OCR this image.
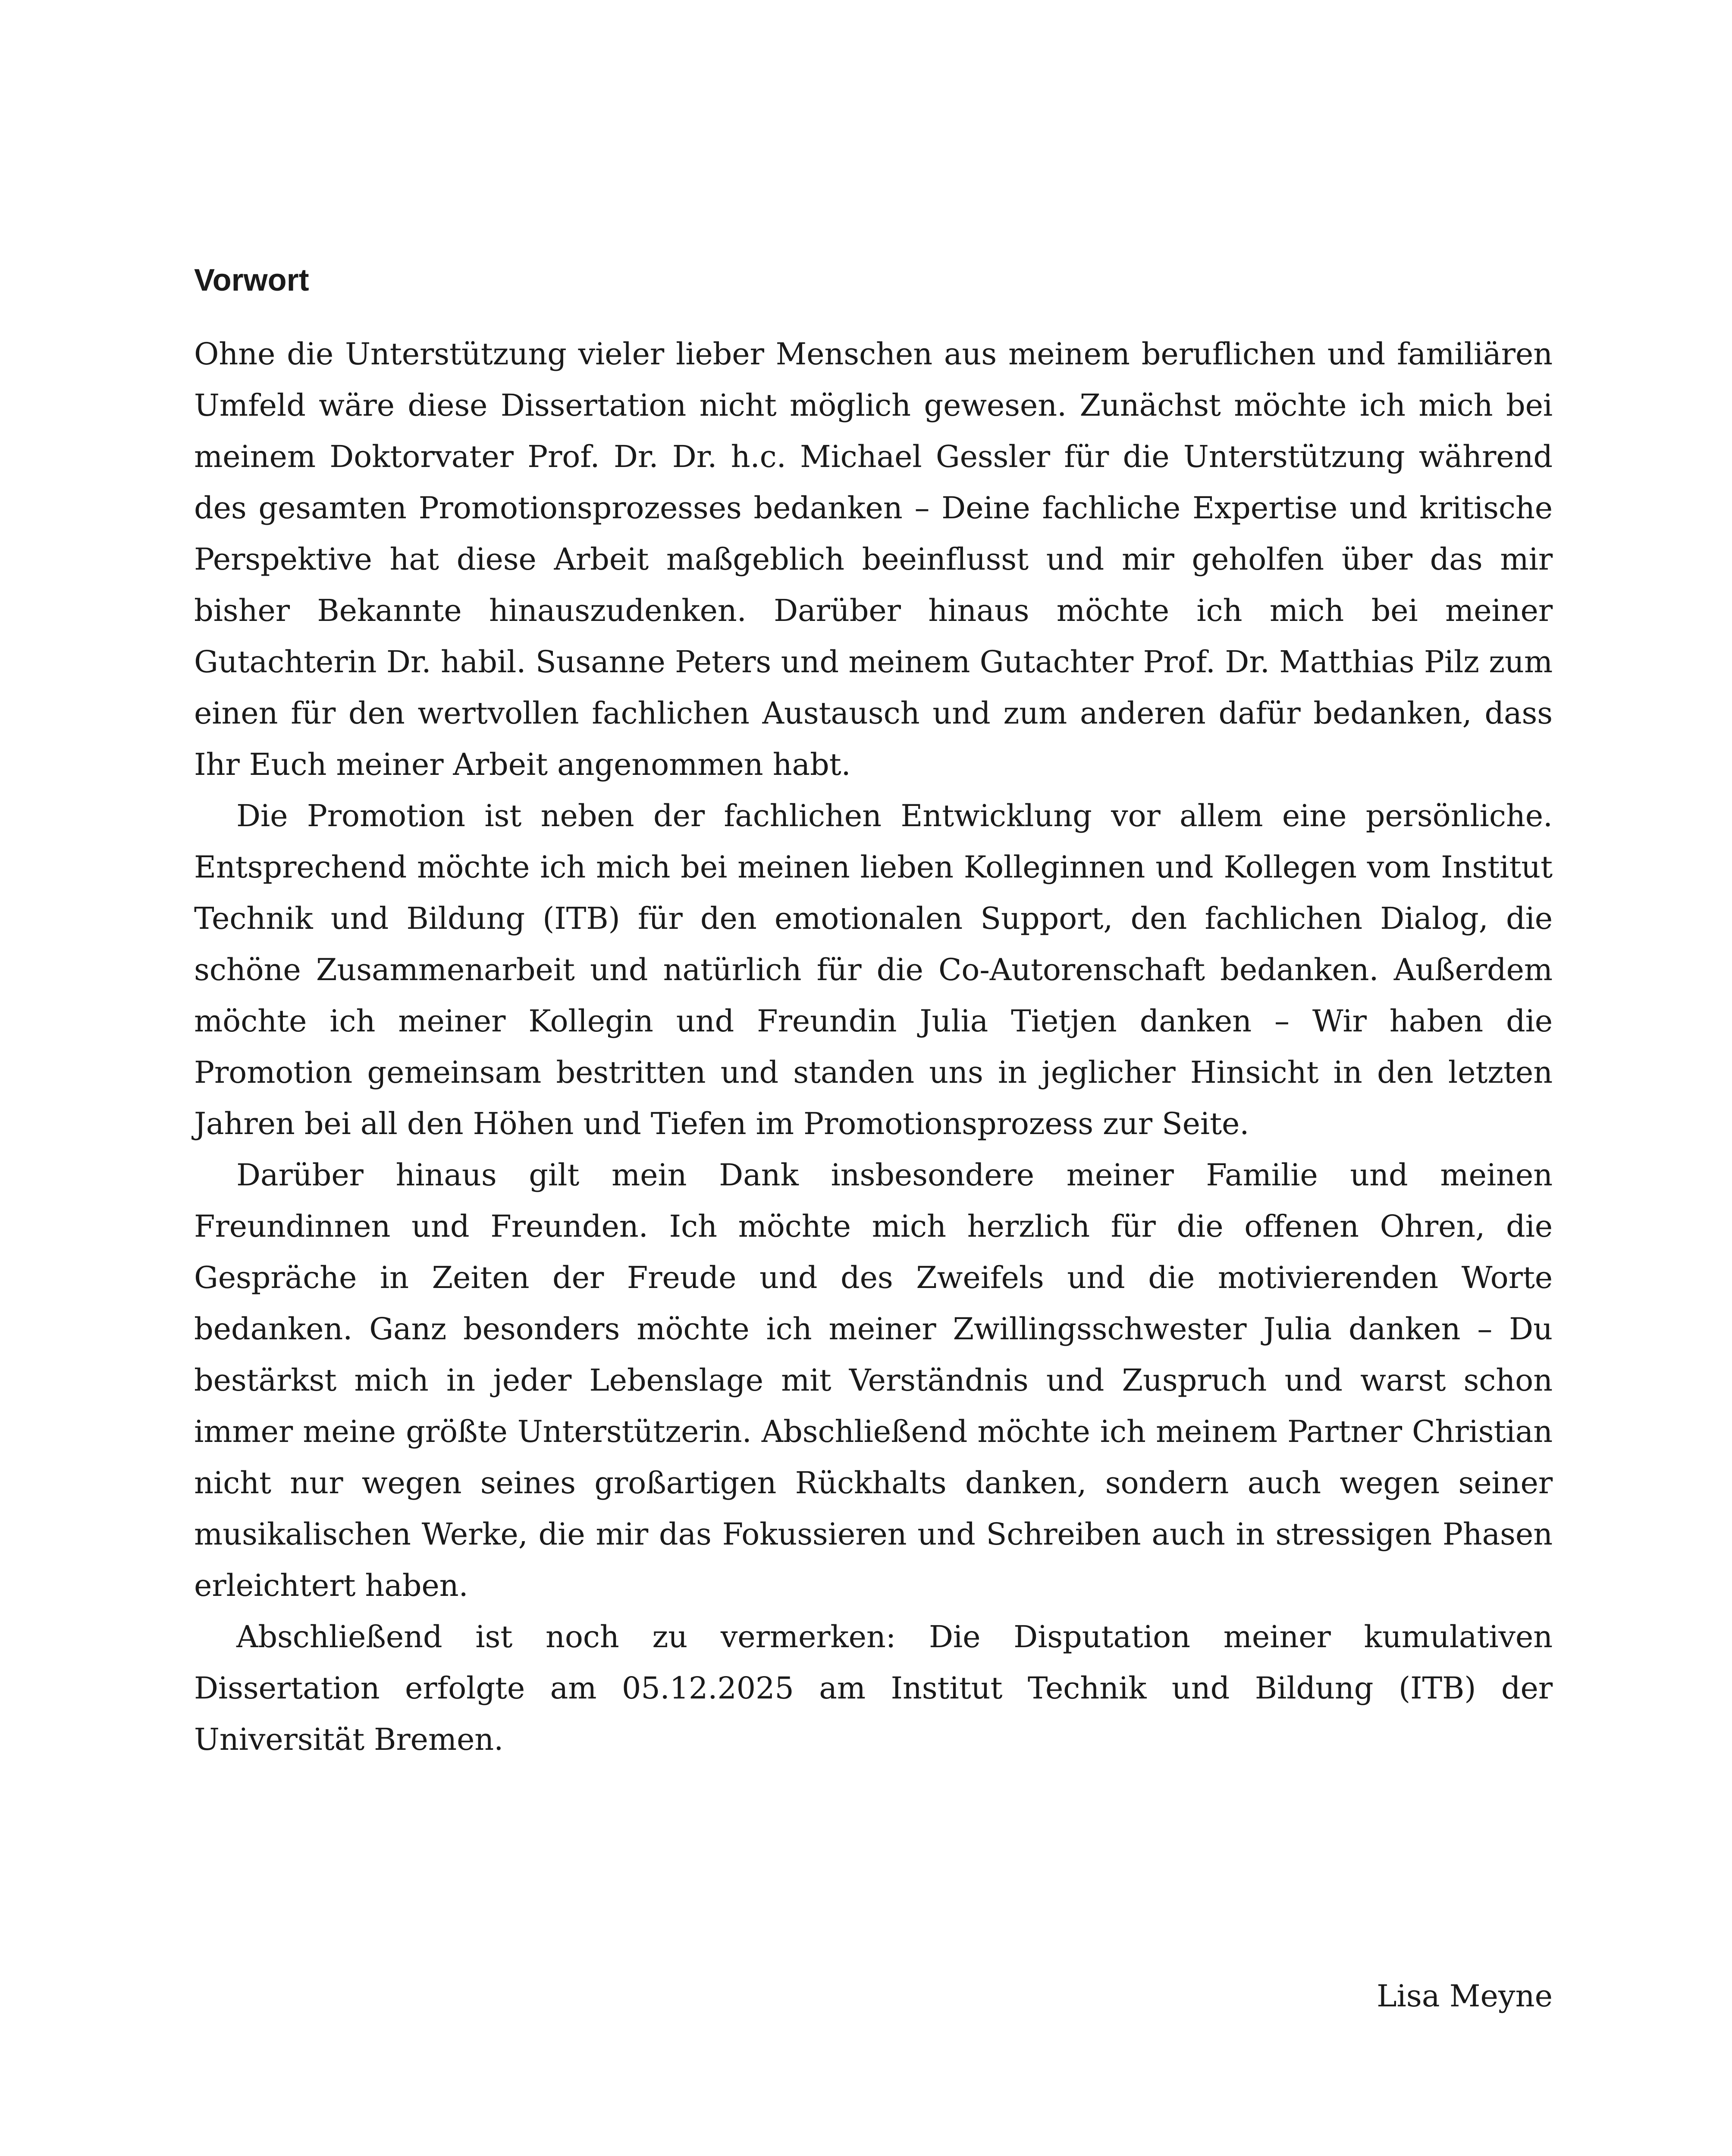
Vorwort

Ohne die Unterstützung vieler lieber Menschen aus meinem beruflichen und familiären Umfeld wäre diese Dissertation nicht möglich gewesen. Zunächst möchte ich mich bei meinem Doktorvater Prof. Dr. Dr. h.c. Michael Gessler für die Unterstützung während des gesamten Promotionsprozesses bedanken – Deine fachliche Expertise und kritische Perspektive hat diese Arbeit maßgeblich beeinflusst und mir geholfen über das mir bisher Bekannte hinauszudenken. Darüber hinaus möchte ich mich bei meiner Gutachterin Dr. habil. Susanne Peters und meinem Gutachter Prof. Dr. Matthias Pilz zum einen für den wertvollen fachlichen Austausch und zum anderen dafür bedanken, dass Ihr Euch meiner Arbeit angenommen habt.

Die Promotion ist neben der fachlichen Entwicklung vor allem eine persönliche. Entsprechend möchte ich mich bei meinen lieben Kolleginnen und Kollegen vom Institut Technik und Bildung (ITB) für den emotionalen Support, den fachlichen Dialog, die schöne Zusammenarbeit und natürlich für die Co-Autorenschaft bedanken. Außerdem möchte ich meiner Kollegin und Freundin Julia Tietjen danken – Wir haben die Promotion gemeinsam bestritten und standen uns in jeglicher Hinsicht in den letzten Jahren bei all den Höhen und Tiefen im Promotionsprozess zur Seite.

Darüber hinaus gilt mein Dank insbesondere meiner Familie und meinen Freundinnen und Freunden. Ich möchte mich herzlich für die offenen Ohren, die Gespräche in Zeiten der Freude und des Zweifels und die motivierenden Worte bedanken. Ganz besonders möchte ich meiner Zwillingsschwester Julia danken – Du bestärkst mich in jeder Lebenslage mit Verständnis und Zuspruch und warst schon immer meine größte Unterstützerin. Abschließend möchte ich meinem Partner Christian nicht nur wegen seines großartigen Rückhalts danken, sondern auch wegen seiner musikalischen Werke, die mir das Fokussieren und Schreiben auch in stressigen Phasen erleichtert haben.

Abschließend ist noch zu vermerken: Die Disputation meiner kumulativen Dissertation erfolgte am 05.12.2025 am Institut Technik und Bildung (ITB) der Universität Bremen.

Lisa Meyne
